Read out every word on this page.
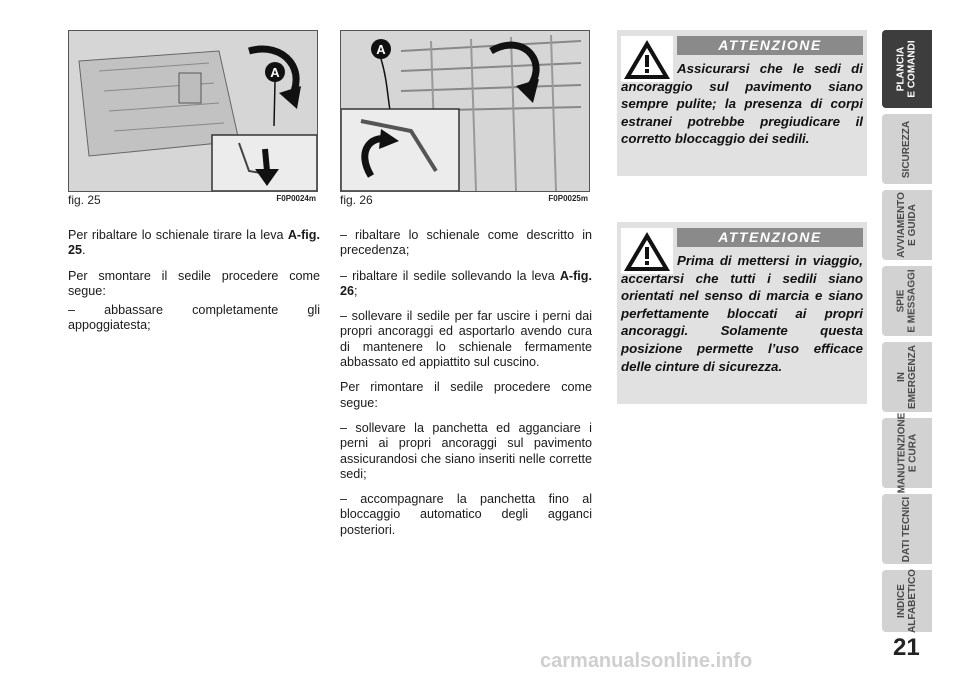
A
fig. 25	F0P0024m
A
fig. 26	F0P0025m

Per ribaltare lo schienale tirare la leva A-fig. 25.

Per smontare il sedile procedere come segue:

– abbassare completamente gli appoggiatesta;

– ribaltare lo schienale come descritto in precedenza;

– ribaltare il sedile sollevando la leva A-fig. 26;

– sollevare il sedile per far uscire i perni dai propri ancoraggi ed asportarlo avendo cura di mantenere lo schienale fermamente abbassato ed appiattito sul cuscino.

Per rimontare il sedile procedere come segue:

– sollevare la panchetta ed agganciare i perni ai propri ancoraggi sul pavimento assicurandosi che siano inseriti nelle corrette sedi;

– accompagnare la panchetta fino al bloccaggio automatico degli agganci posteriori.

ATTENZIONE
Assicurarsi che le sedi di ancoraggio sul pavimento siano sempre pulite; la presenza di corpi estranei potrebbe pregiudicare il corretto bloccaggio dei sedili.
ATTENZIONE
Prima di mettersi in viaggio, accertarsi che tutti i sedili siano orientati nel senso di marcia e siano perfettamente bloccati ai propri ancoraggi. Solamente questa posizione permette l’uso efficace delle cinture di sicurezza.
PLANCIA
E COMANDI
SICUREZZA
AVVIAMENTO
E GUIDA
SPIE
E MESSAGGI
IN
EMERGENZA
MANUTENZIONE
E CURA
DATI TECNICI
INDICE
ALFABETICO
21
carmanualsonline.info
